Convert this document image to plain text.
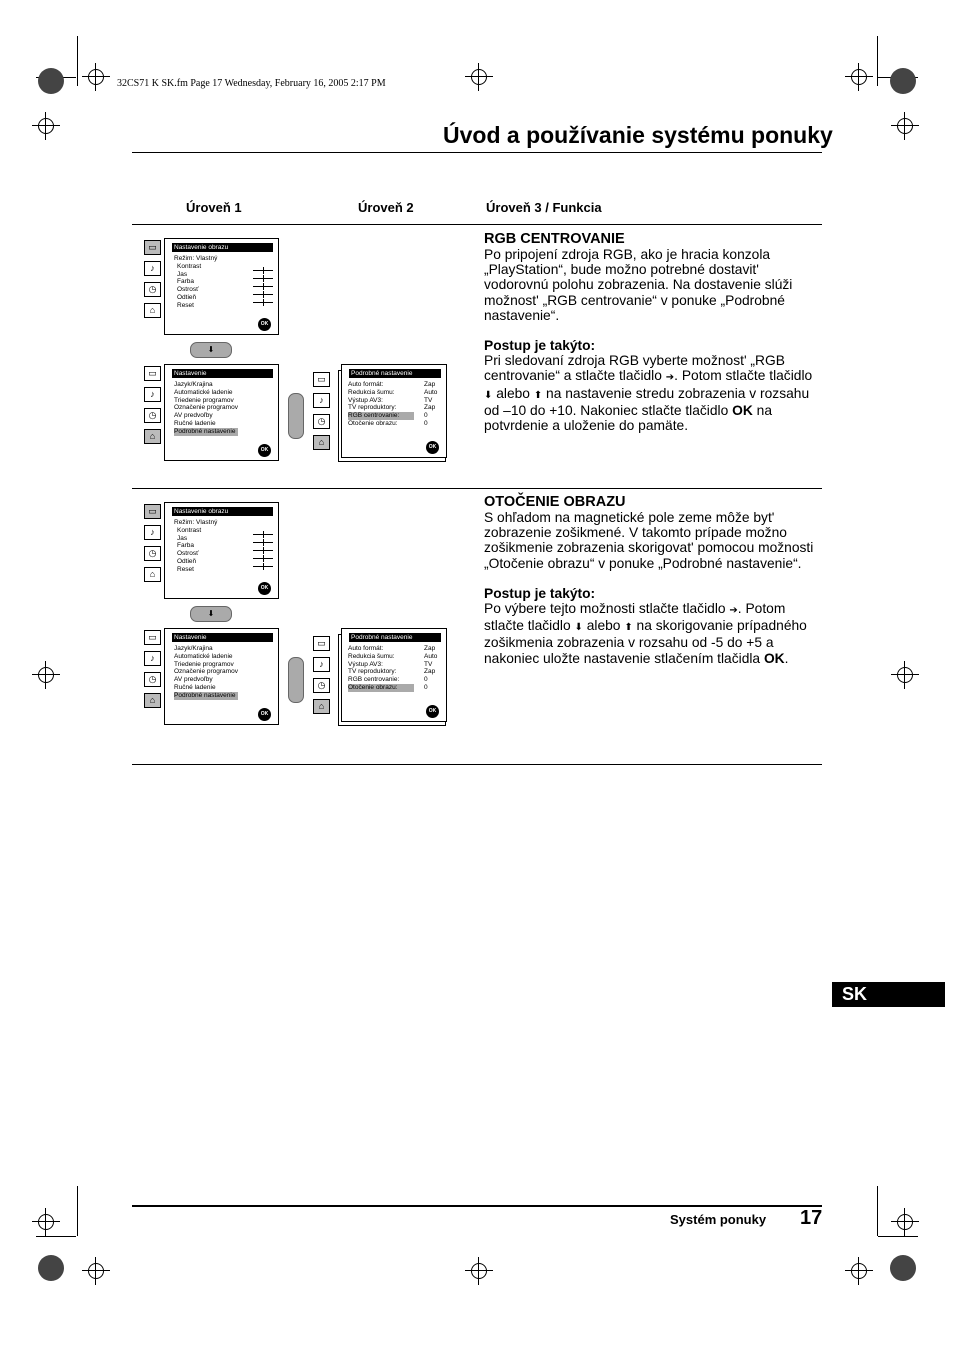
32CS71 K SK.fm Page 17 Wednesday, February 16, 2005 2:17 PM
Úvod a používanie systému ponuky
Úroveň 1	Úroveň 2	Úroveň 3 / Funkcia
▭
♪
◷
⌂
Nastavenie obrazu
Režim: Vlastný
Kontrast
Jas
Farba
Ostrosť
Odtieň
Reset
OK
⬇
▭
♪
◷
⌂
Nastavenie
Jazyk/Krajina
Automatické ladenie
Triedenie programov
Označenie programov
AV predvoľby
Ručné ladenie
Podrobné nastavenie
OK
▭
♪
◷
⌂
Podrobné nastavenie
Auto formát:
Redukcia šumu:
Výstup AV3:
TV reproduktory:
RGB centrovanie:
Otočenie obrazu:
Zap
Auto
TV
Zap
0
0
OK
RGB CENTROVANIE

Po pripojení zdroja RGB, ako je hracia konzola „PlayStation“, bude možno potrebné dostavit' vodorovnú polohu zobrazenia. Na dostavenie slúži možnost' „RGB centrovanie“ v ponuke „Podrobné nastavenie“.

Postup je takýto:

Pri sledovaní zdroja RGB vyberte možnost' „RGB centrovanie“ a stlačte tlačidlo ➔. Potom stlačte tlačidlo ⬇ alebo ⬆ na nastavenie stredu zobrazenia v rozsahu od –10 do +10. Nakoniec stlačte tlačidlo OK na potvrdenie a uloženie do pamäte.

▭
♪
◷
⌂
Nastavenie obrazu
Režim: Vlastný
Kontrast
Jas
Farba
Ostrosť
Odtieň
Reset
OK
⬇
▭
♪
◷
⌂
Nastavenie
Jazyk/Krajina
Automatické ladenie
Triedenie programov
Označenie programov
AV predvoľby
Ručné ladenie
Podrobné nastavenie
OK
▭
♪
◷
⌂
Podrobné nastavenie
Auto formát:
Redukcia šumu:
Výstup AV3:
TV reproduktory:
RGB centrovanie:
Otočenie obrazu:
Zap
Auto
TV
Zap
0
0
OK
OTOČENIE OBRAZU

S ohľadom na magnetické pole zeme môže byt' zobrazenie zošikmené. V takomto prípade možno zošikmenie zobrazenia skorigovat' pomocou možnosti „Otočenie obrazu“ v ponuke „Podrobné nastavenie“.

Postup je takýto:

Po výbere tejto možnosti stlačte tlačidlo ➔. Potom stlačte tlačidlo ⬇ alebo ⬆ na skorigovanie prípadného zošikmenia zobrazenia v rozsahu od -5 do +5 a nakoniec uložte nastavenie stlačením tlačidla OK.

SK
Systém ponuky 17
